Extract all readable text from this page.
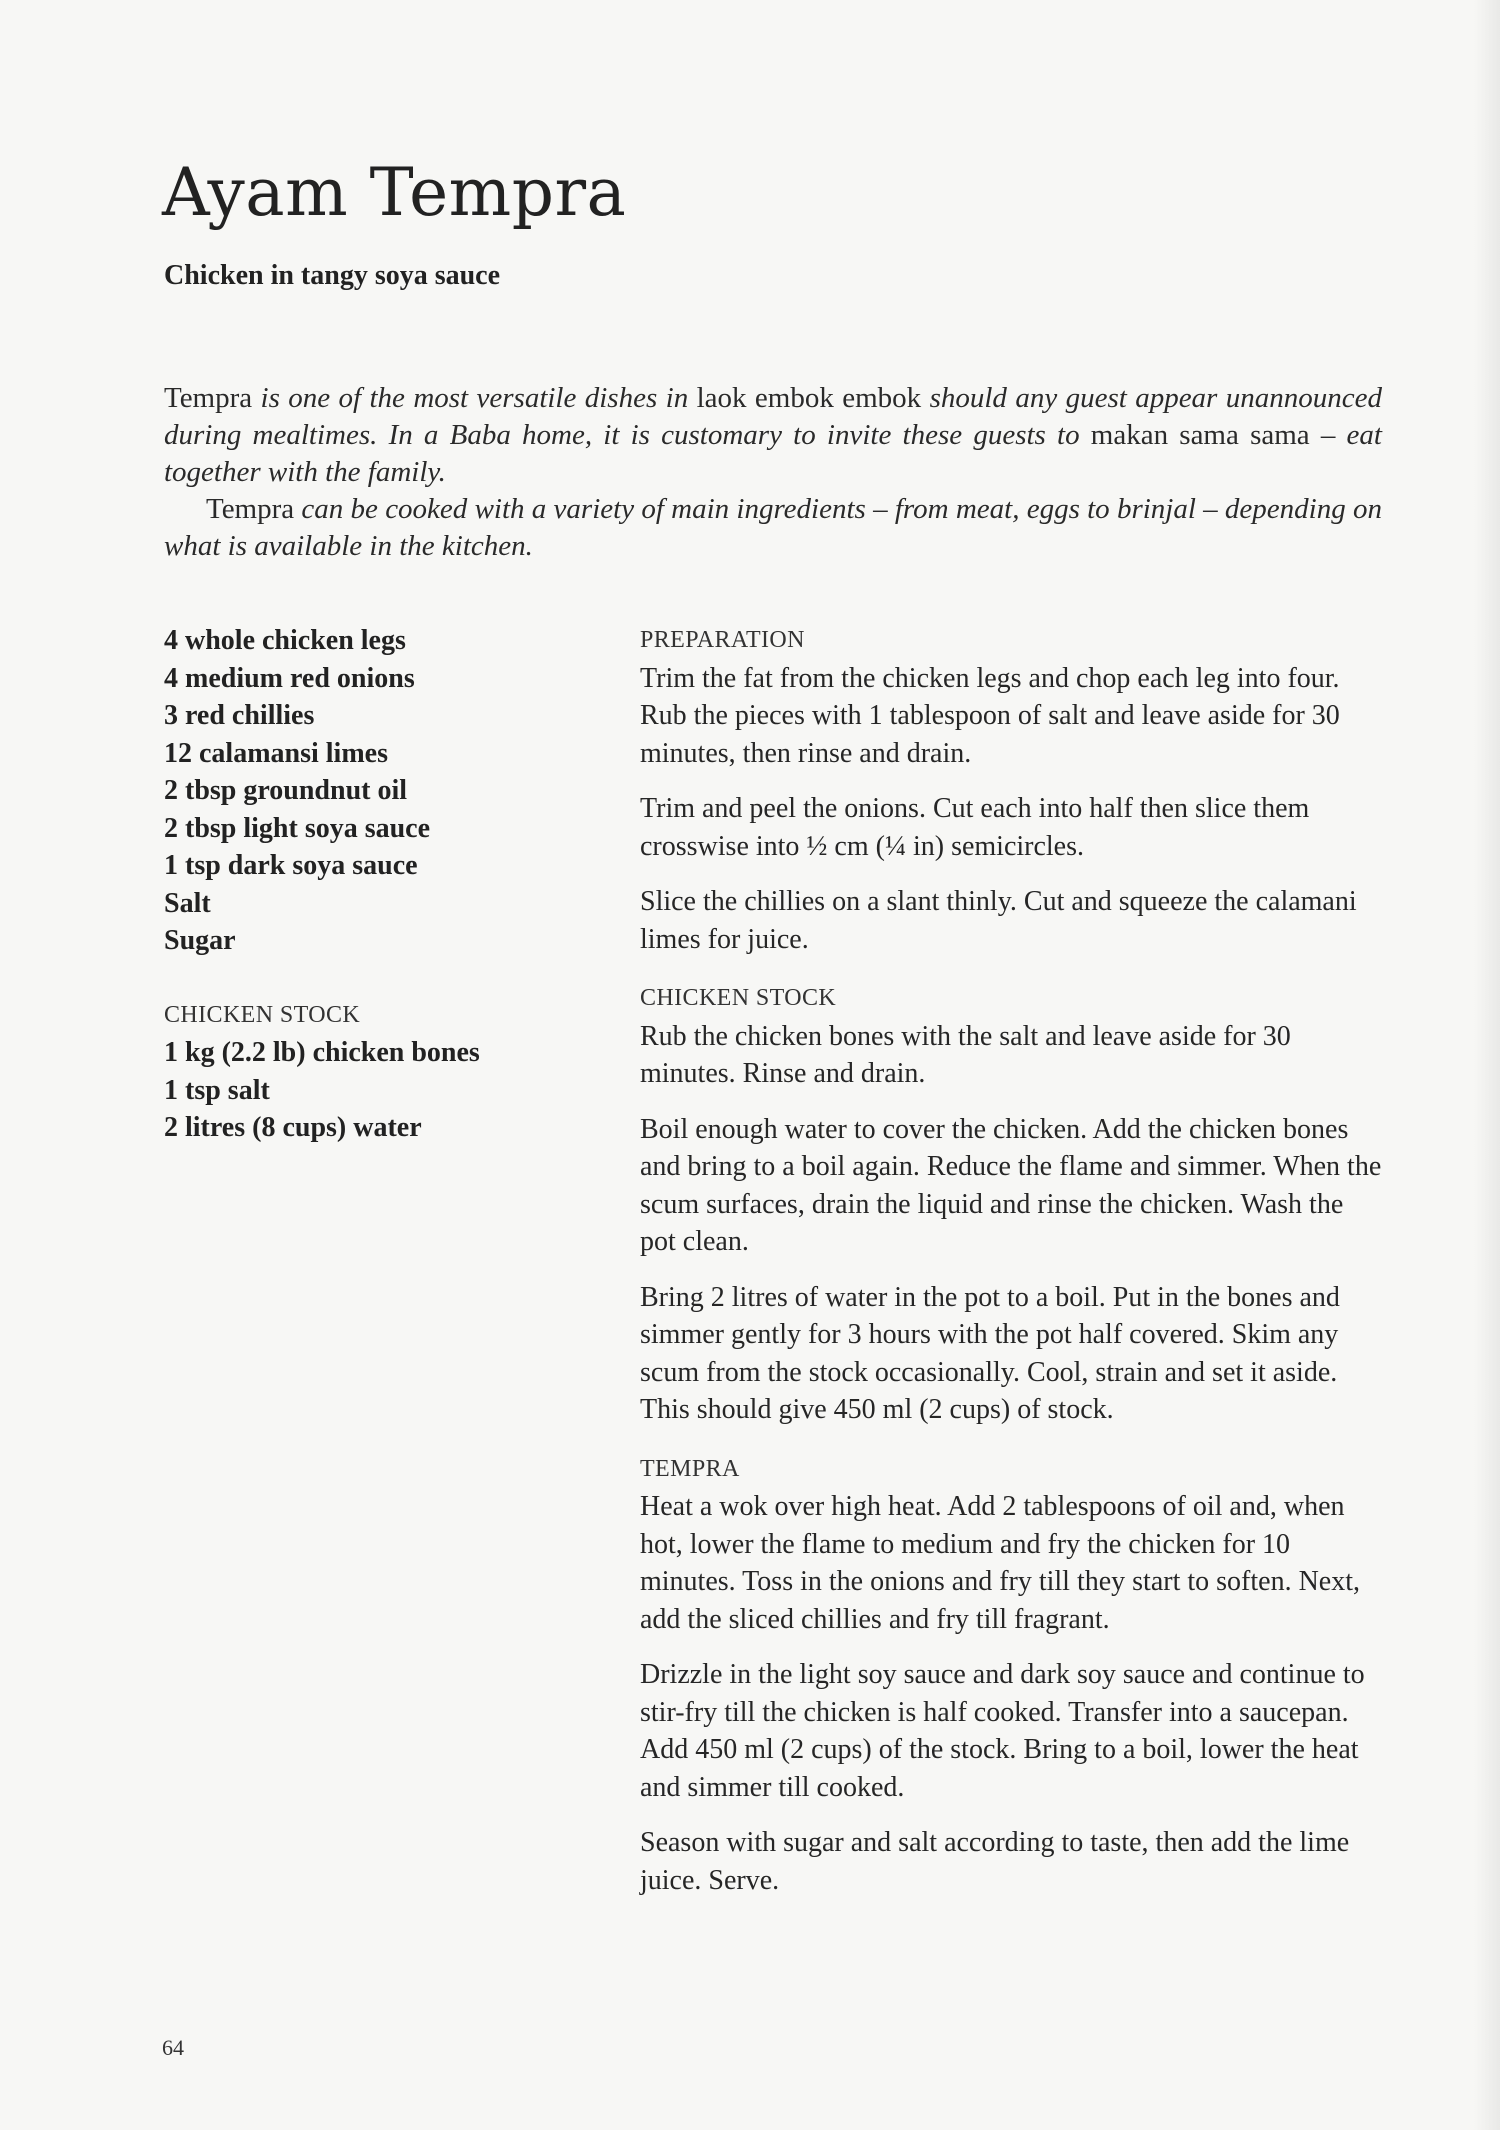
Ayam Tempra
Chicken in tangy soya sauce

Tempra is one of the most versatile dishes in laok embok embok should any guest appear unannounced during mealtimes. In a Baba home, it is customary to invite these guests to makan sama sama – eat together with the family.

Tempra can be cooked with a variety of main ingredients – from meat, eggs to brinjal – depending on what is available in the kitchen.

4 whole chicken legs

4 medium red onions

3 red chillies

12 calamansi limes

2 tbsp groundnut oil

2 tbsp light soya sauce

1 tsp dark soya sauce

Salt

Sugar

CHICKEN STOCK

1 kg (2.2 lb) chicken bones

1 tsp salt

2 litres (8 cups) water

PREPARATION

Trim the fat from the chicken legs and chop each leg into four. Rub the pieces with 1 tablespoon of salt and leave aside for 30 minutes, then rinse and drain.

Trim and peel the onions. Cut each into half then slice them crosswise into ½ cm (¼ in) semicircles.

Slice the chillies on a slant thinly. Cut and squeeze the calamani limes for juice.

CHICKEN STOCK

Rub the chicken bones with the salt and leave aside for 30 minutes. Rinse and drain.

Boil enough water to cover the chicken. Add the chicken bones and bring to a boil again. Reduce the flame and simmer. When the scum surfaces, drain the liquid and rinse the chicken. Wash the pot clean.

Bring 2 litres of water in the pot to a boil. Put in the bones and simmer gently for 3 hours with the pot half covered. Skim any scum from the stock occasionally. Cool, strain and set it aside. This should give 450 ml (2 cups) of stock.

TEMPRA

Heat a wok over high heat. Add 2 tablespoons of oil and, when hot, lower the flame to medium and fry the chicken for 10 minutes. Toss in the onions and fry till they start to soften. Next, add the sliced chillies and fry till fragrant.

Drizzle in the light soy sauce and dark soy sauce and continue to stir-fry till the chicken is half cooked. Transfer into a saucepan. Add 450 ml (2 cups) of the stock. Bring to a boil, lower the heat and simmer till cooked.

Season with sugar and salt according to taste, then add the lime juice. Serve.

64
